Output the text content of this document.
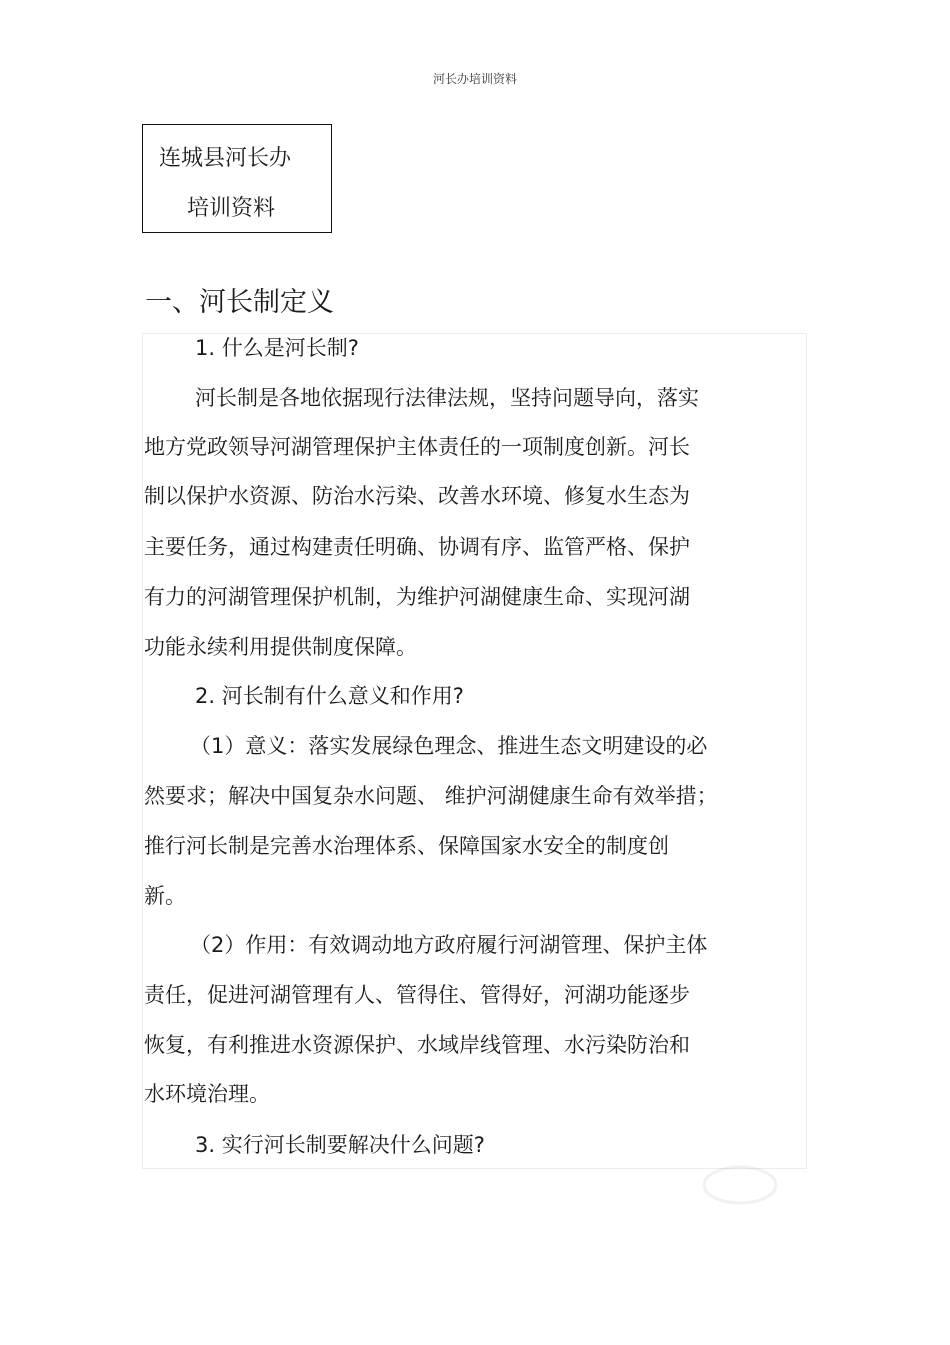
河长办培训资料
连城县河长办
培训资料
一、河长制定义
1. 什么是河长制?
河长制是各地依据现行法律法规，坚持问题导向，落实
地方党政领导河湖管理保护主体责任的一项制度创新。河长
制以保护水资源、防治水污染、改善水环境、修复水生态为
主要任务，通过构建责任明确、协调有序、监管严格、保护
有力的河湖管理保护机制，为维护河湖健康生命、实现河湖
功能永续利用提供制度保障。
2. 河长制有什么意义和作用?
（1）意义：落实发展绿色理念、推进生态文明建设的必
然要求；解决中国复杂水问题、 维护河湖健康生命有效举措；
推行河长制是完善水治理体系、保障国家水安全的制度创
新。
（2）作用：有效调动地方政府履行河湖管理、保护主体
责任，促进河湖管理有人、管得住、管得好，河湖功能逐步
恢复，有利推进水资源保护、水域岸线管理、水污染防治和
水环境治理。
3. 实行河长制要解决什么问题?
